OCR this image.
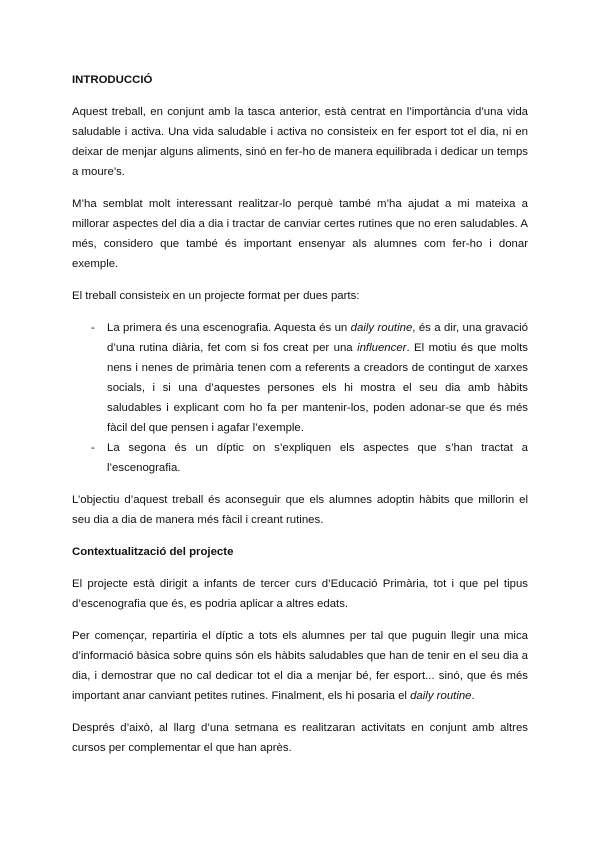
INTRODUCCIÓ

Aquest treball, en conjunt amb la tasca anterior, està centrat en l’importància d’una vida saludable i activa. Una vida saludable i activa no consisteix en fer esport tot el dia, ni en deixar de menjar alguns aliments, sinó en fer-ho de manera equilibrada i dedicar un temps a moure’s.

M’ha semblat molt interessant realitzar-lo perquè també m’ha ajudat a mi mateixa a millorar aspectes del dia a dia i tractar de canviar certes rutines que no eren saludables. A més, considero que també és important ensenyar als alumnes com fer-ho i donar exemple.

El treball consisteix en un projecte format per dues parts:

- La primera és una escenografia. Aquesta és un daily routine, és a dir, una gravació d’una rutina diària, fet com si fos creat per una influencer. El motiu és que molts nens i nenes de primària tenen com a referents a creadors de contingut de xarxes socials, i si una d’aquestes persones els hi mostra el seu dia amb hàbits saludables i explicant com ho fa per mantenir-los, poden adonar-se que és més fàcil del que pensen i agafar l’exemple.
- La segona és un díptic on s’expliquen els aspectes que s’han tractat a l’escenografia.

L’objectiu d’aquest treball és aconseguir que els alumnes adoptin hàbits que millorin el seu dia a dia de manera més fàcil i creant rutines.

Contextualització del projecte

El projecte està dirigit a infants de tercer curs d’Educació Primària, tot i que pel tipus d’escenografia que és, es podria aplicar a altres edats.

Per començar, repartiria el díptic a tots els alumnes per tal que puguin llegir una mica d’informació bàsica sobre quins són els hàbits saludables que han de tenir en el seu dia a dia, i demostrar que no cal dedicar tot el dia a menjar bé, fer esport... sinó, que és més important anar canviant petites rutines. Finalment, els hi posaria el daily routine.

Després d’això, al llarg d’una setmana es realitzaran activitats en conjunt amb altres cursos per complementar el que han après.
